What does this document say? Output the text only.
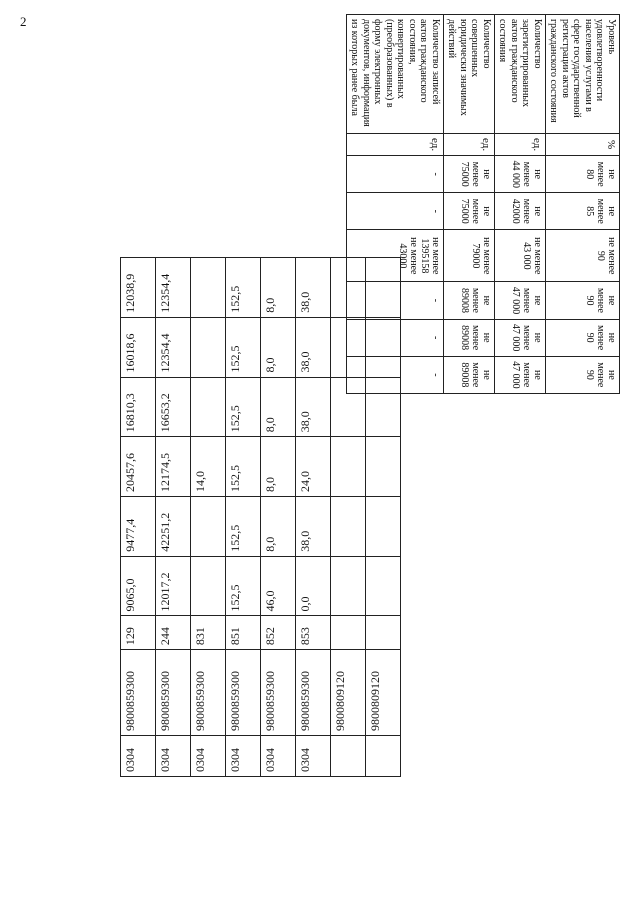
2
0304	9800859300	129	9065,0	9477,4	20457,6	16810,3	16018,6	12038,9
0304	9800859300	244	12017,2	42251,2	12174,5	16653,2	12354,4	12354,4
0304	9800859300	831			14,0			
0304	9800859300	851	152,5	152,5	152,5	152,5	152,5	152,5
0304	9800859300	852	46,0	8,0	8,0	8,0	8,0	8,0
0304	9800859300	853	0,0	38,0	24,0	38,0	38,0	38,0
	9800809120							
	9800809120							
Уровень удовлетворенности населения услугами в сфере государственной регистрации актов гражданского состояния	%	не менее 80	не менее 85	не менее 90	не менее 90	не менее 90	не менее 90
Количество зарегистрированных актов гражданского состояния	ед.	не менее 44 000	не менее 42000	не менее 43 000	не менее 47 000	не менее 47 000	не менее 47 000
Количество совершенных юридически значимых действий	ед.	не менее 75000	не менее 75000	не менее 79000	не менее 89008	не менее 89008	не менее 89008
Количество записей актов гражданского состояния, конвертированных (преобразованных) в форму электронных документов, информация из которых ранее была	ед.	-	-	не менее 1395158 не менее 43000	-	-	-
